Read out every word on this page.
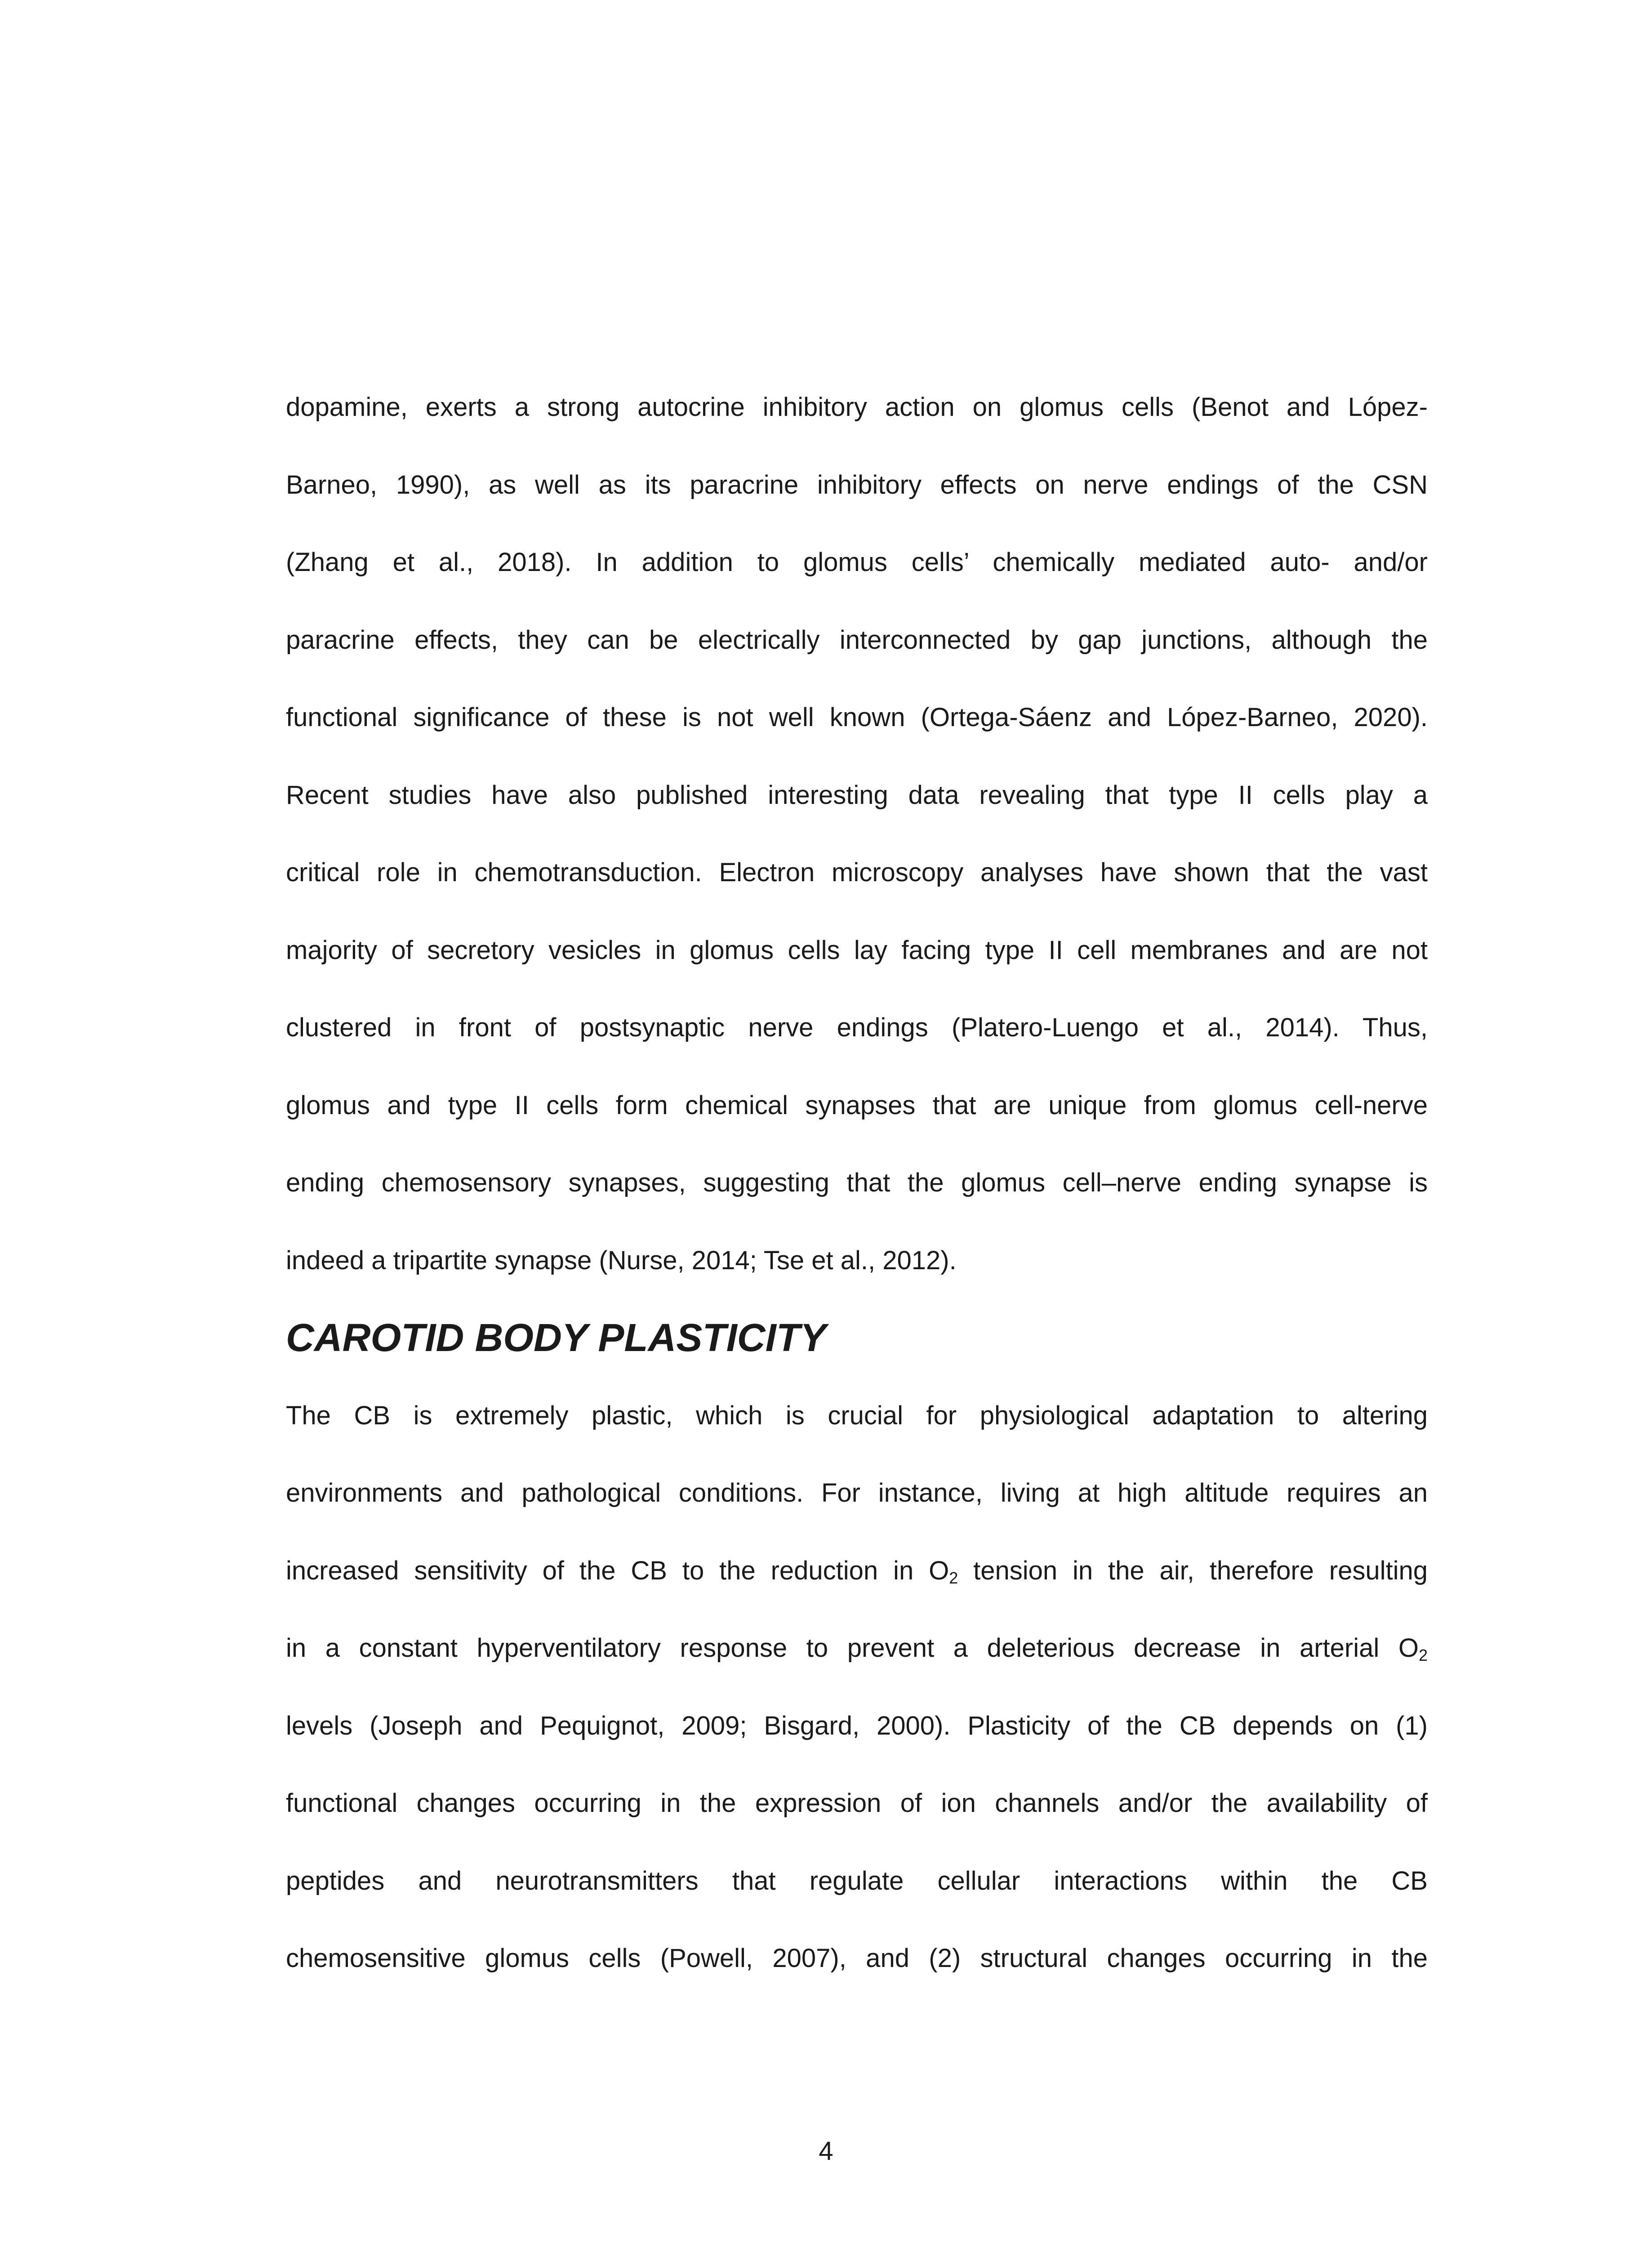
dopamine, exerts a strong autocrine inhibitory action on glomus cells (Benot and López-
Barneo, 1990), as well as its paracrine inhibitory effects on nerve endings of the CSN
(Zhang et al., 2018). In addition to glomus cells’ chemically mediated auto- and/or
paracrine effects, they can be electrically interconnected by gap junctions, although the
functional significance of these is not well known (Ortega-Sáenz and López-Barneo, 2020).
Recent studies have also published interesting data revealing that type II cells play a
critical role in chemotransduction. Electron microscopy analyses have shown that the vast
majority of secretory vesicles in glomus cells lay facing type II cell membranes and are not
clustered in front of postsynaptic nerve endings (Platero-Luengo et al., 2014). Thus,
glomus and type II cells form chemical synapses that are unique from glomus cell-nerve
ending chemosensory synapses, suggesting that the glomus cell–nerve ending synapse is
indeed a tripartite synapse (Nurse, 2014; Tse et al., 2012).

CAROTID BODY PLASTICITY

The CB is extremely plastic, which is crucial for physiological adaptation to altering
environments and pathological conditions. For instance, living at high altitude requires an
increased sensitivity of the CB to the reduction in $O_2$ tension in the air, therefore resulting
in a constant hyperventilatory response to prevent a deleterious decrease in arterial $O_2$
levels (Joseph and Pequignot, 2009; Bisgard, 2000). Plasticity of the CB depends on (1)
functional changes occurring in the expression of ion channels and/or the availability of
peptides and neurotransmitters that regulate cellular interactions within the CB
chemosensitive glomus cells (Powell, 2007), and (2) structural changes occurring in the

4
